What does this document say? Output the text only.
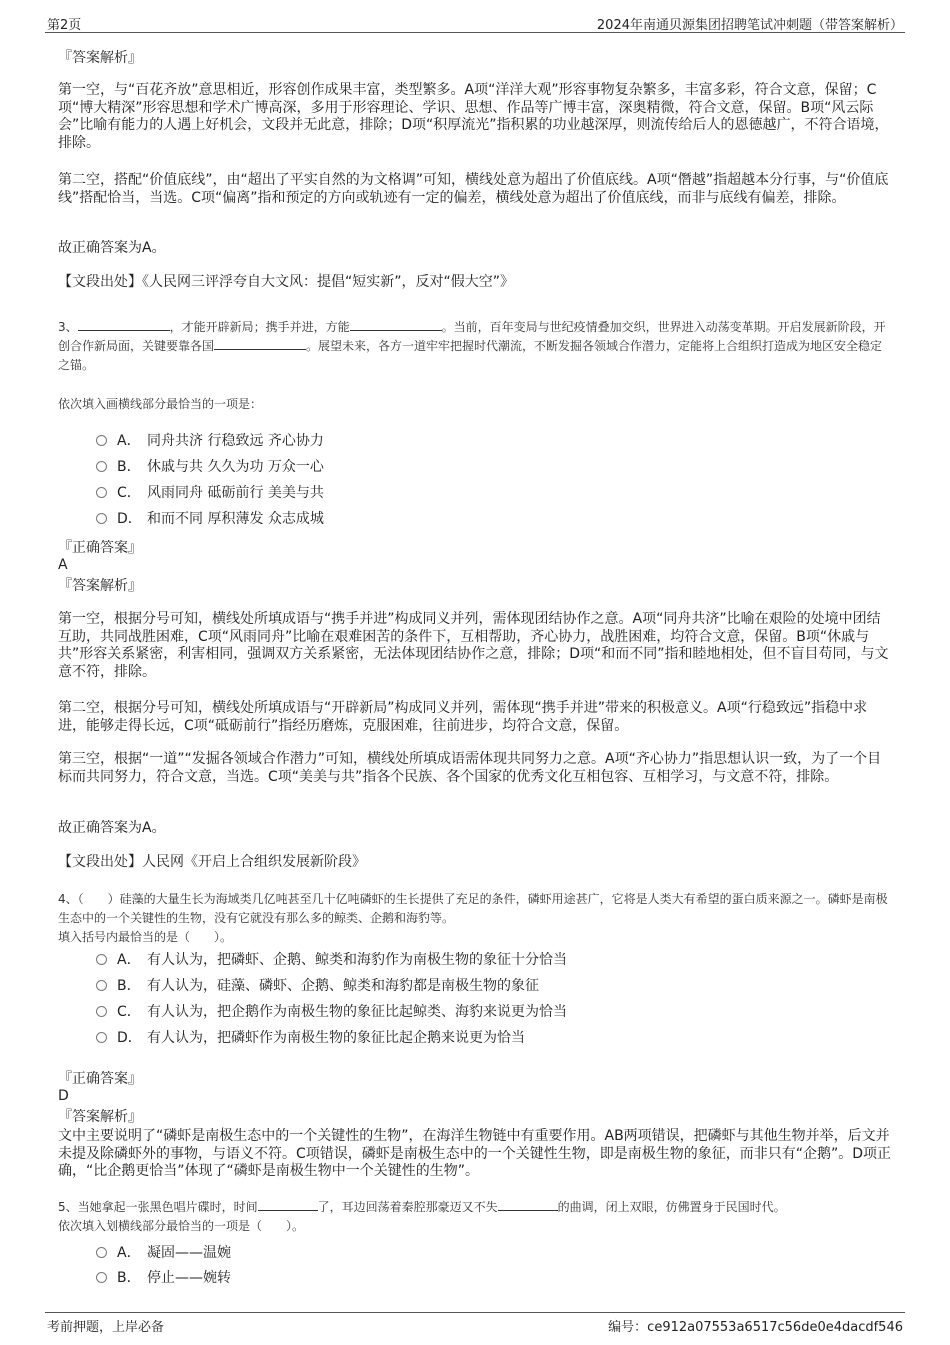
第2页	2024年南通贝源集团招聘笔试冲刺题（带答案解析）
『答案解析』

第一空，与“百花齐放”意思相近，形容创作成果丰富，类型繁多。A项“洋洋大观”形容事物复杂繁多，丰富多彩，符合文意，保留；C项“博大精深”形容思想和学术广博高深，多用于形容理论、学识、思想、作品等广博丰富，深奥精微，符合文意，保留。B项“风云际会”比喻有能力的人遇上好机会，文段并无此意，排除；D项“积厚流光”指积累的功业越深厚，则流传给后人的恩德越广，不符合语境，排除。

第二空，搭配“价值底线”，由“超出了平实自然的为文格调”可知，横线处意为超出了价值底线。A项“僭越”指超越本分行事，与“价值底线”搭配恰当，当选。C项“偏离”指和预定的方向或轨迹有一定的偏差，横线处意为超出了价值底线，而非与底线有偏差，排除。

故正确答案为A。

【文段出处】《人民网三评浮夸自大文风：提倡“短实新”，反对“假大空”》

3、	，才能开辟新局；携手并进，方能	。当前，百年变局与世纪疫情叠加交织，世界进入动荡变革期。开启发展新阶段，开创合作新局面，关键要靠各国	。展望未来，各方一道牢牢把握时代潮流，不断发掘各领域合作潜力，定能将上合组织打造成为地区安全稳定之锚。

依次填入画横线部分最恰当的一项是：

A． 同舟共济 行稳致远 齐心协力
B． 休戚与共 久久为功 万众一心
C． 风雨同舟 砥砺前行 美美与共
D． 和而不同 厚积薄发 众志成城
『正确答案』
A
『答案解析』

第一空，根据分号可知，横线处所填成语与“携手并进”构成同义并列，需体现团结协作之意。A项“同舟共济”比喻在艰险的处境中团结互助，共同战胜困难，C项“风雨同舟”比喻在艰难困苦的条件下，互相帮助，齐心协力，战胜困难，均符合文意，保留。B项“休戚与共”形容关系紧密，利害相同，强调双方关系紧密，无法体现团结协作之意，排除；D项“和而不同”指和睦地相处，但不盲目苟同，与文意不符，排除。

第二空，根据分号可知，横线处所填成语与“开辟新局”构成同义并列，需体现“携手并进”带来的积极意义。A项“行稳致远”指稳中求进，能够走得长远，C项“砥砺前行”指经历磨炼，克服困难，往前进步，均符合文意，保留。

第三空，根据“一道”“发掘各领域合作潜力”可知，横线处所填成语需体现共同努力之意。A项“齐心协力”指思想认识一致，为了一个目标而共同努力，符合文意，当选。C项“美美与共”指各个民族、各个国家的优秀文化互相包容、互相学习，与文意不符，排除。

故正确答案为A。

【文段出处】人民网《开启上合组织发展新阶段》

4、（　　）硅藻的大量生长为海域类几亿吨甚至几十亿吨磷虾的生长提供了充足的条件，磷虾用途甚广，它将是人类大有希望的蛋白质来源之一。磷虾是南极生态中的一个关键性的生物，没有它就没有那么多的鲸类、企鹅和海豹等。

填入括号内最恰当的是（　　）。

A． 有人认为，把磷虾、企鹅、鲸类和海豹作为南极生物的象征十分恰当
B． 有人认为，硅藻、磷虾、企鹅、鲸类和海豹都是南极生物的象征
C． 有人认为，把企鹅作为南极生物的象征比起鲸类、海豹来说更为恰当
D． 有人认为，把磷虾作为南极生物的象征比起企鹅来说更为恰当
『正确答案』
D
『答案解析』

文中主要说明了“磷虾是南极生态中的一个关键性的生物”，在海洋生物链中有重要作用。AB两项错误，把磷虾与其他生物并举，后文并未提及除磷虾外的事物，与语义不符。C项错误，磷虾是南极生态中的一个关键性生物，即是南极生物的象征，而非只有“企鹅”。D项正确，“比企鹅更恰当”体现了“磷虾是南极生物中一个关键性的生物”。

5、当她拿起一张黑色唱片碟时，时间	了，耳边回荡着秦腔那豪迈又不失	的曲调，闭上双眼，仿佛置身于民国时代。

依次填入划横线部分最恰当的一项是（　　）。

A． 凝固——温婉
B． 停止——婉转
考前押题，上岸必备	编号：ce912a07553a6517c56de0e4dacdf546
